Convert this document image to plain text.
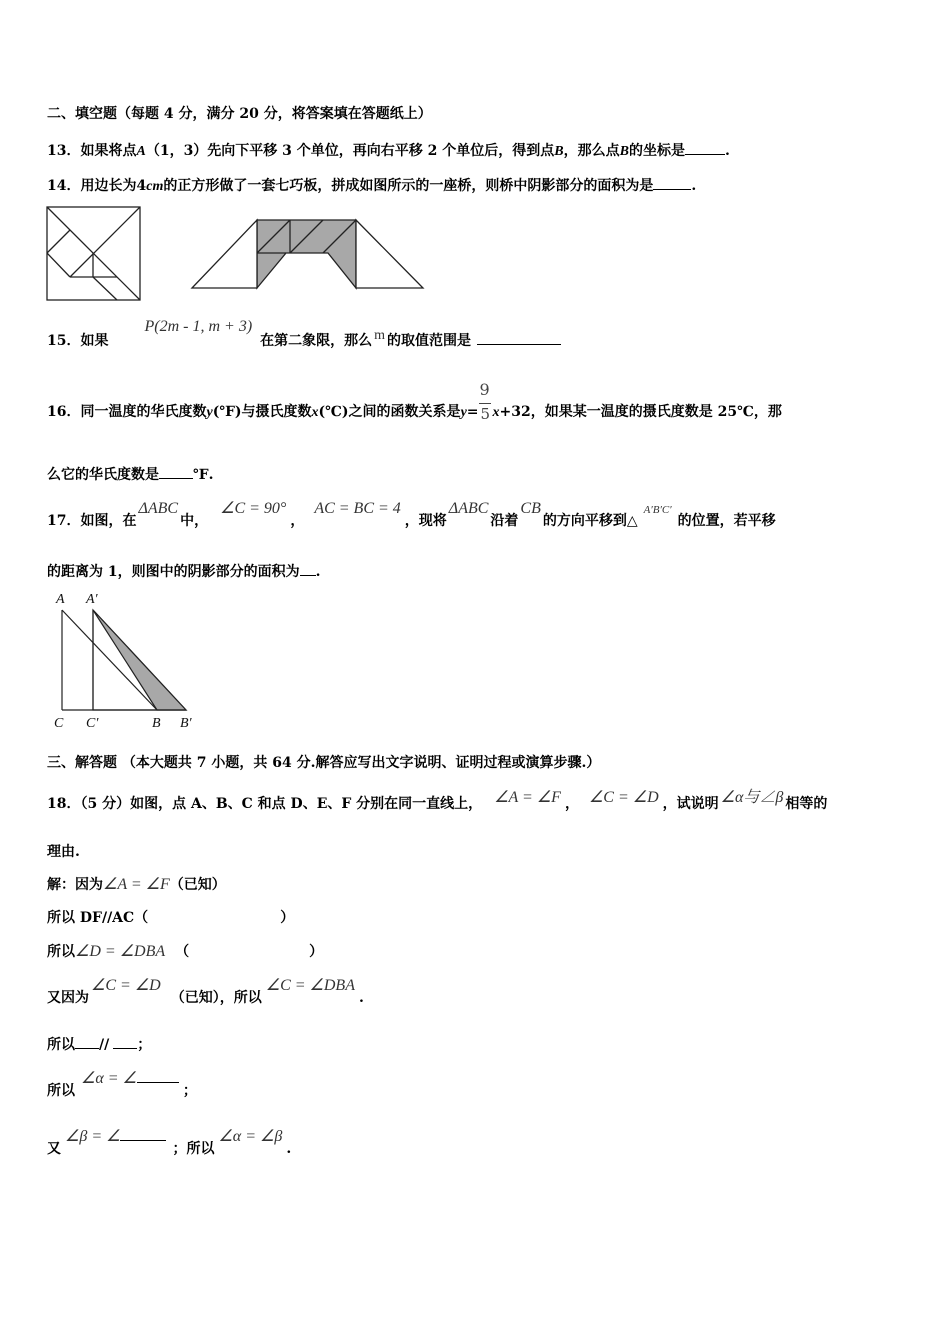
二、填空题（每题 4 分，满分 20 分，将答案填在答题纸上）
13．如果将点A（1，3）先向下平移 3 个单位，再向右平移 2 个单位后，得到点B，那么点B的坐标是	.
14．用边长为4cm的正方形做了一套七巧板，拼成如图所示的一座桥，则桥中阴影部分的面积为是	.
15．如果P(2m - 1, m + 3)在第二象限，那么 m 的取值范围是
16．同一温度的华氏度数y(℉)与摄氏度数x(℃)之间的函数关系是y=
$\frac{9}{5}$
x+32，如果某一温度的摄氏度数是 25℃，那
么它的华氏度数是 ℉.
17．如图，在ΔABC中，∠C = 90°，AC = BC = 4，现将ΔABC沿着CB的方向平移到△$^{A'B'C'}$的位置，若平移
的距离为 1，则图中的阴影部分的面积为 .
A A′
C C′	B B′
三、解答题 （本大题共 7 小题，共 64 分.解答应写出文字说明、证明过程或演算步骤.）
18．（5 分）如图，点 A、B、C 和点 D、E、F 分别在同一直线上， ∠A = ∠F ， ∠C = ∠D ，试说明 ∠α与∠β 相等的
理由.
解：因为∠A = ∠F（已知）
所以 DF//AC（	）
所以∠D = ∠DBA （	）
又因为∠C = ∠D（已知），所以∠C = ∠DBA.
所以 // ；
所以∠α = ∠；
又∠β = ∠；所以∠α = ∠β.
